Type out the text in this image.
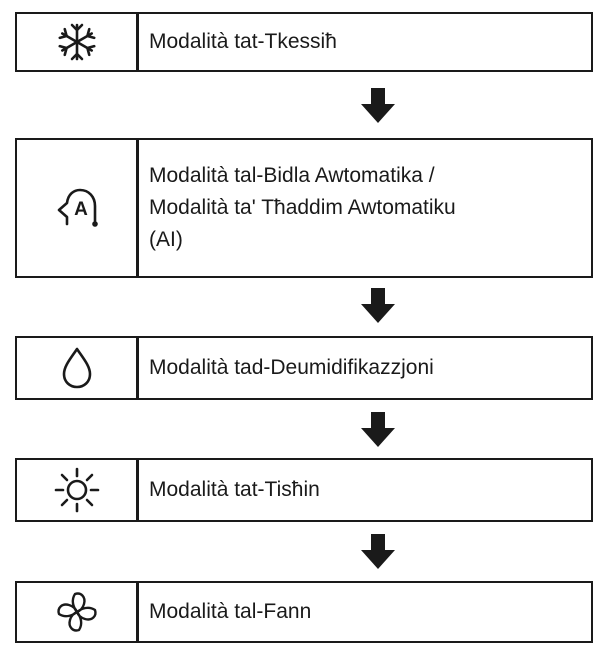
Modalità tat-Tkessiħ
A
Modalità tal-Bidla Awtomatika /
Modalità ta' Tħaddim Awtomatiku
(AI)
Modalità tad-Deumidifikazzjoni
Modalità tat-Tisħin
Modalità tal-Fann
